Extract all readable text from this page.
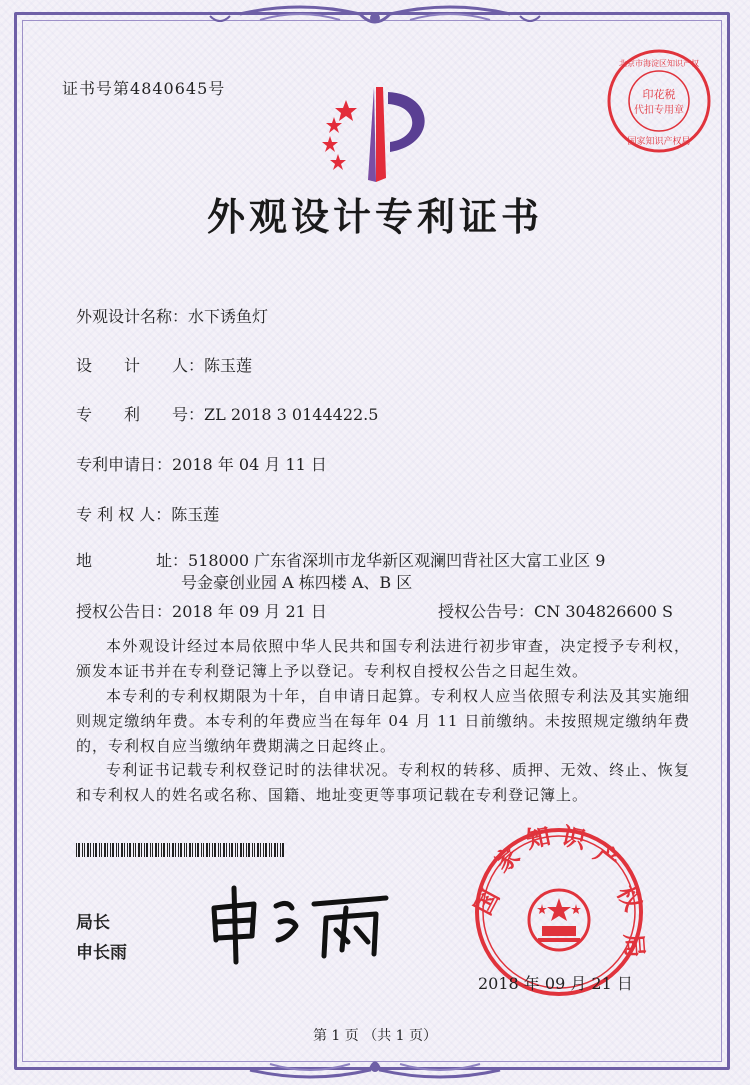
证书号第4840645号	印花税
代扣专用章
北京市海淀区知识产权
国家知识产权局
外观设计专利证书
外观设计名称：水下诱鱼灯
设　　计　　人：陈玉莲
专　　利　　号：ZL 2018 3 0144422.5
专利申请日：2018 年 04 月 11 日
专 利 权 人：陈玉莲
地　　　　址：518000 广东省深圳市龙华新区观澜凹背社区大富工业区 9
号金豪创业园 A 栋四楼 A、B 区
授权公告日：2018 年 09 月 21 日	授权公告号：CN 304826600 S
本外观设计经过本局依照中华人民共和国专利法进行初步审查，决定授予专利权，颁发本证书并在专利登记簿上予以登记。专利权自授权公告之日起生效。
本专利的专利权期限为十年，自申请日起算。专利权人应当依照专利法及其实施细则规定缴纳年费。本专利的年费应当在每年 04 月 11 日前缴纳。未按照规定缴纳年费的，专利权自应当缴纳年费期满之日起终止。
专利证书记载专利权登记时的法律状况。专利权的转移、质押、无效、终止、恢复和专利权人的姓名或名称、国籍、地址变更等事项记载在专利登记簿上。
局长
申长雨
国
家
知 识
产
权
局
2018 年 09 月 21 日
第 1 页 （共 1 页）
